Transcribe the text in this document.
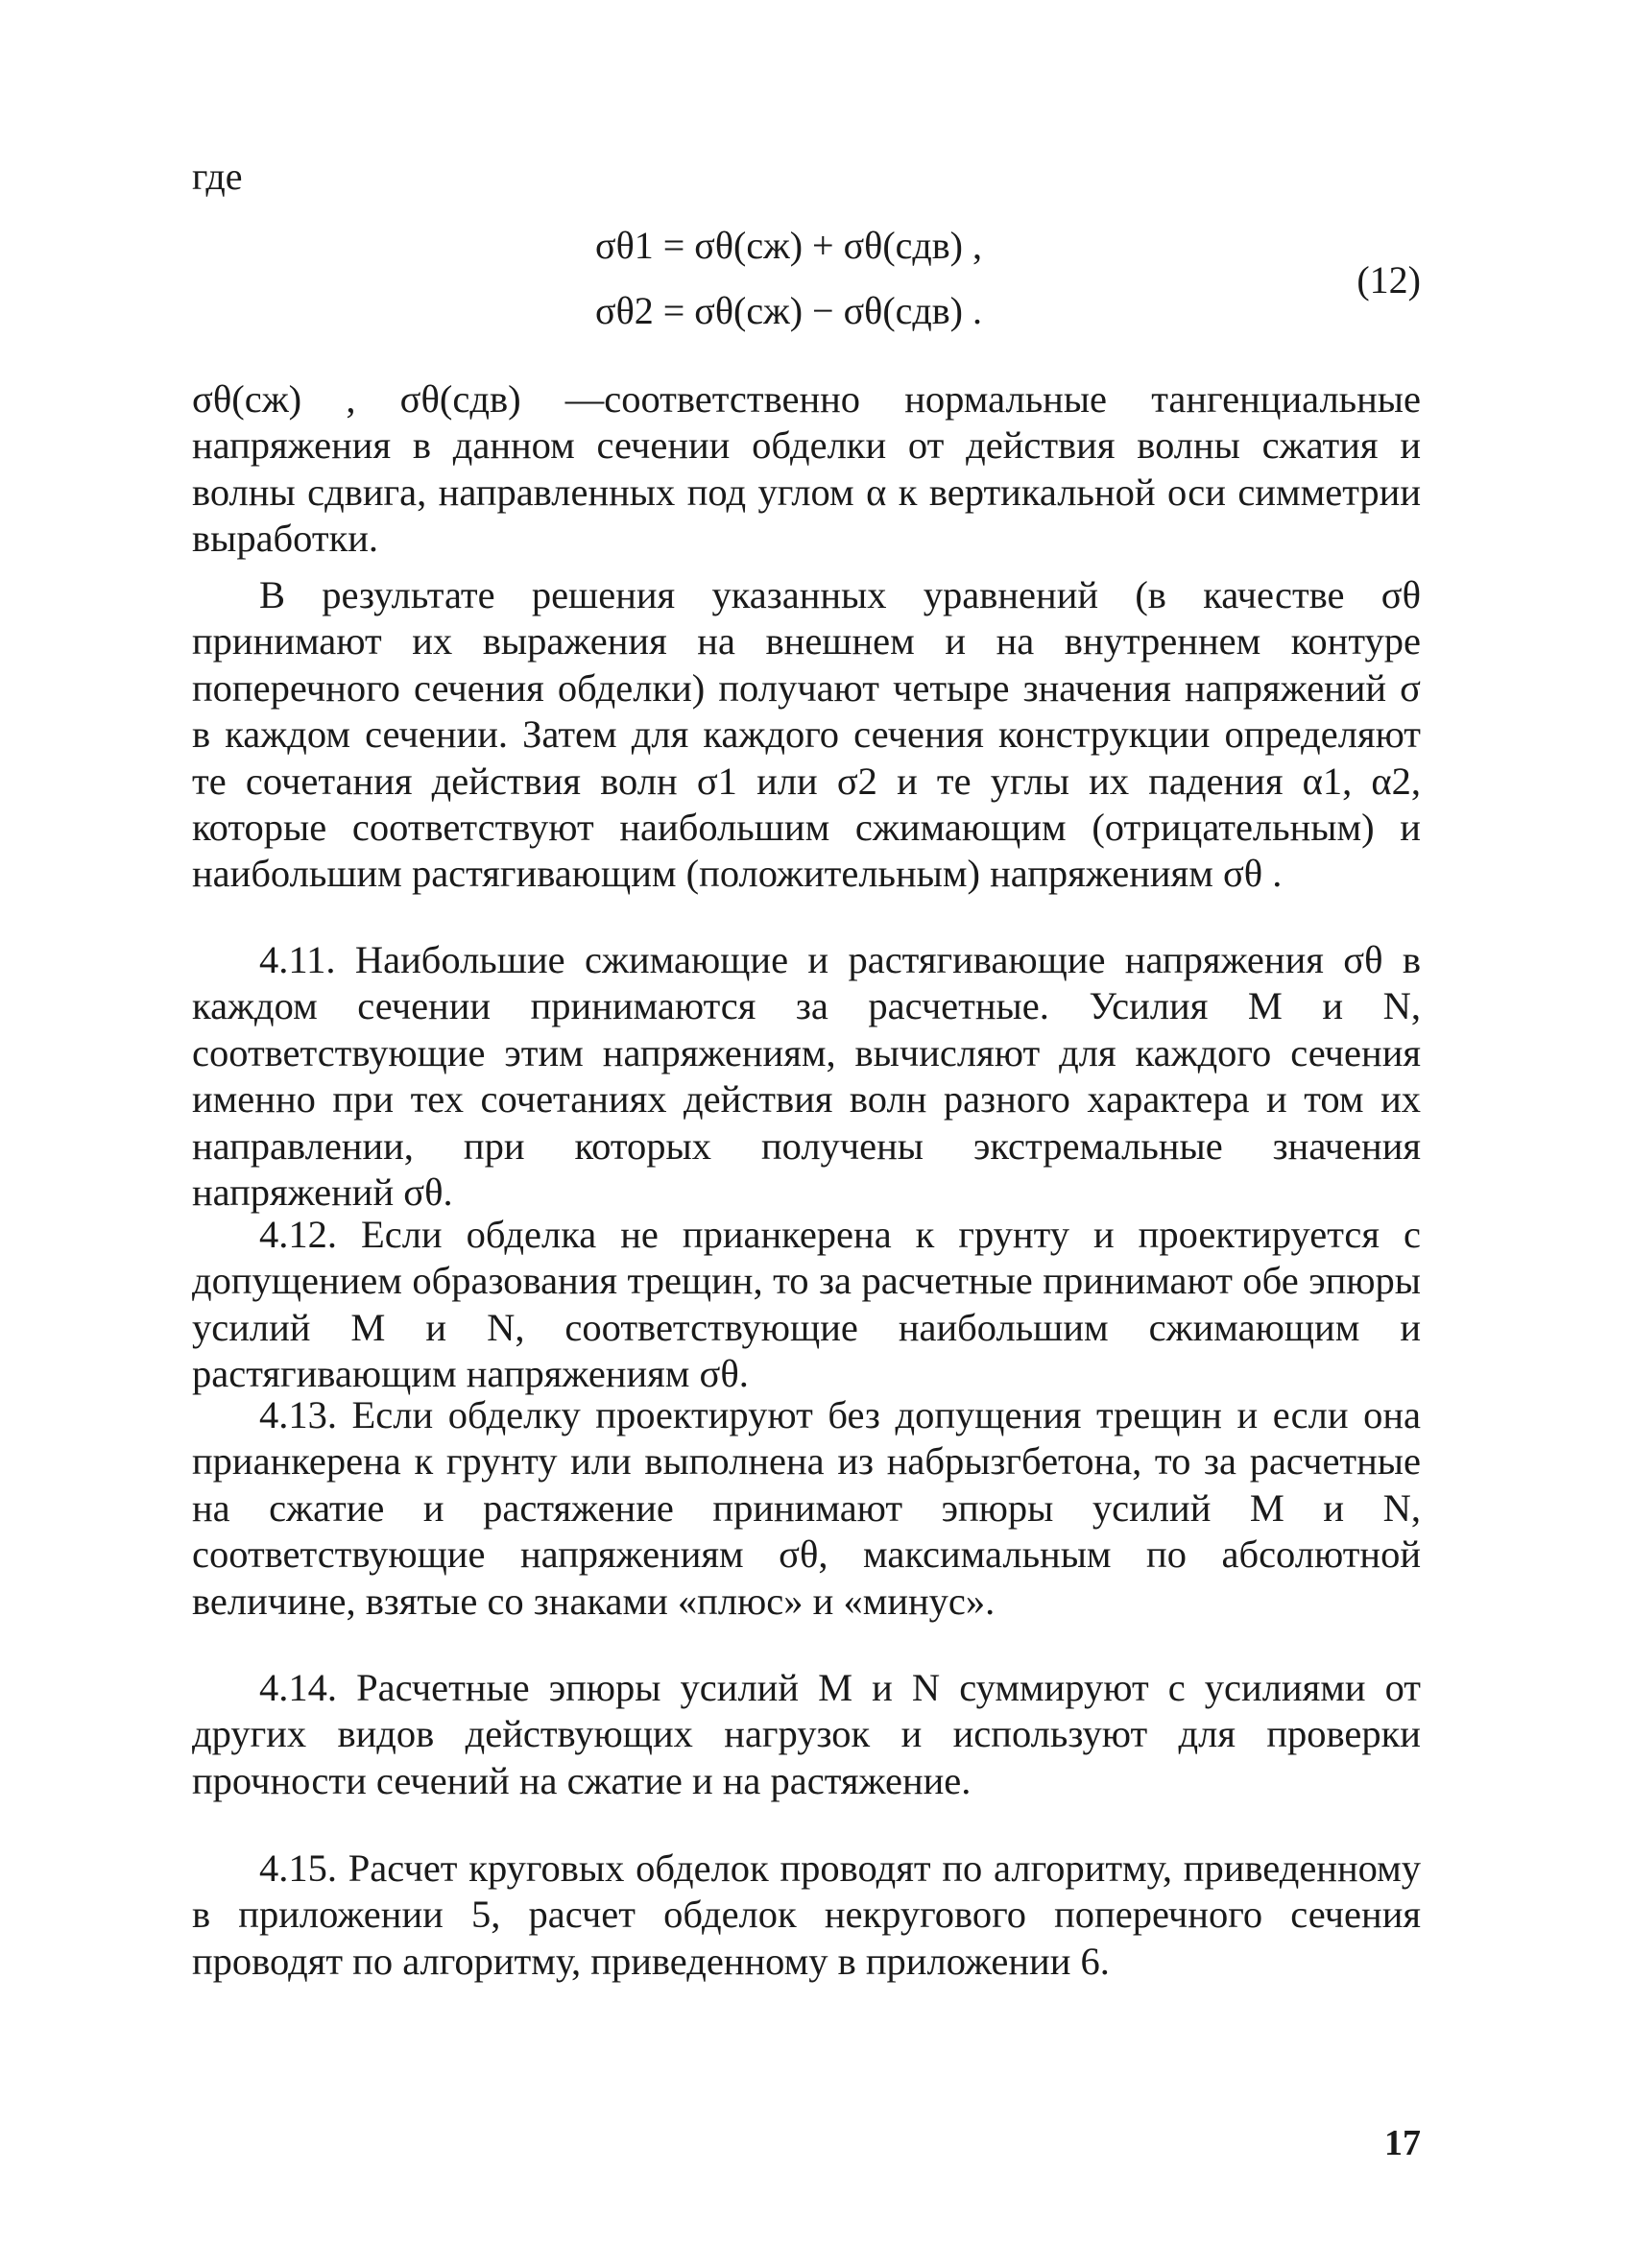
где
σθ1 = σθ(сж) + σθ(сдв) ,
σθ2 = σθ(сж) − σθ(сдв) .
(12)

σθ(сж) , σθ(сдв) —соответственно нормальные тангенциальные напряжения в данном сечении обделки от действия волны сжатия и волны сдвига, направленных под углом α к вертикальной оси симметрии выработки.

В результате решения указанных уравнений (в качестве σθ принимают их выражения на внешнем и на внутреннем контуре поперечного сечения обделки) получают четыре значения напряжений σ в каждом сечении. Затем для каждого сечения конструкции определяют те сочетания действия волн σ1 или σ2 и те углы их падения α1, α2, которые соответствуют наибольшим сжимающим (отрицательным) и наибольшим растягивающим (положительным) напряжениям σθ .

4.11. Наибольшие сжимающие и растягивающие напряжения σθ в каждом сечении принимаются за расчетные. Усилия M и N, соответствующие этим напряжениям, вычисляют для каждого сечения именно при тех сочетаниях действия волн разного характера и том их направлении, при которых получены экстремальные значения напряжений σθ.

4.12. Если обделка не прианкерена к грунту и проектируется с допущением образования трещин, то за расчетные принимают обе эпюры усилий M и N, соответствующие наибольшим сжимающим и растягивающим напряжениям σθ.

4.13. Если обделку проектируют без допущения трещин и если она прианкерена к грунту или выполнена из набрызгбетона, то за расчетные на сжатие и растяжение принимают эпюры усилий M и N, соответствующие напряжениям σθ, максимальным по абсолютной величине, взятые со знаками «плюс» и «минус».

4.14. Расчетные эпюры усилий M и N суммируют с усилиями от других видов действующих нагрузок и используют для проверки прочности сечений на сжатие и на растяжение.

4.15. Расчет круговых обделок проводят по алгоритму, приведенному в приложении 5, расчет обделок некругового поперечного сечения проводят по алгоритму, приведенному в приложении 6.

17
